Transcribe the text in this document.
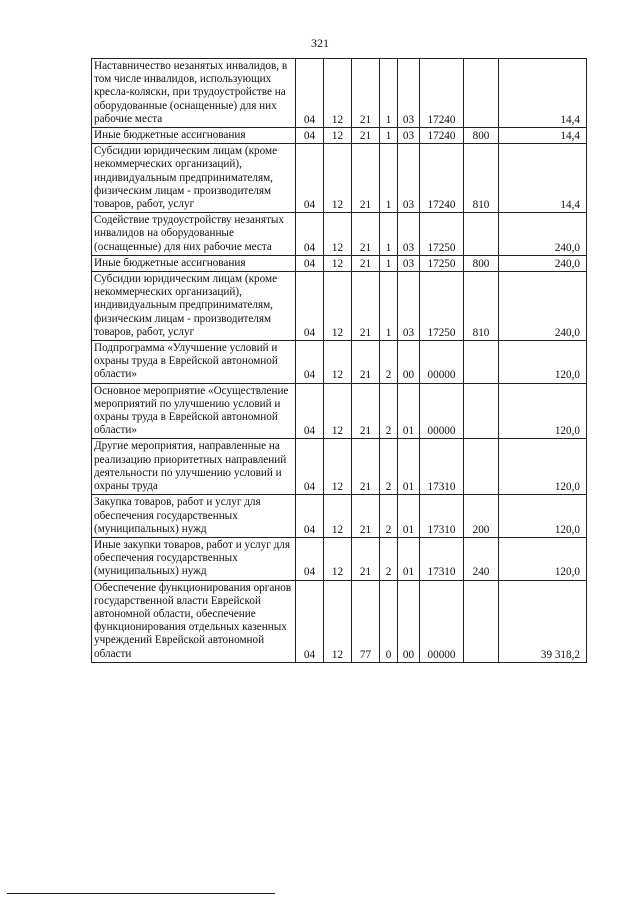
321
Наставничество незанятых инвалидов, в том числе инвалидов, использующих кресла-коляски, при трудоустройстве на оборудованные (оснащенные) для них рабочие места	04	12	21	1	03	17240		14,4
Иные бюджетные ассигнования	04	12	21	1	03	17240	800	14,4
Субсидии юридическим лицам (кроме некоммерческих организаций), индивидуальным предпринимателям, физическим лицам - производителям товаров, работ, услуг	04	12	21	1	03	17240	810	14,4
Содействие трудоустройству незанятых инвалидов на оборудованные (оснащенные) для них рабочие места	04	12	21	1	03	17250		240,0
Иные бюджетные ассигнования	04	12	21	1	03	17250	800	240,0
Субсидии юридическим лицам (кроме некоммерческих организаций), индивидуальным предпринимателям, физическим лицам - производителям товаров, работ, услуг	04	12	21	1	03	17250	810	240,0
Подпрограмма «Улучшение условий и охраны труда в Еврейской автономной области»	04	12	21	2	00	00000		120,0
Основное мероприятие «Осуществление мероприятий по улучшению условий и охраны труда в Еврейской автономной области»	04	12	21	2	01	00000		120,0
Другие мероприятия, направленные на реализацию приоритетных направлений деятельности по улучшению условий и охраны труда	04	12	21	2	01	17310		120,0
Закупка товаров, работ и услуг для обеспечения государственных (муниципальных) нужд	04	12	21	2	01	17310	200	120,0
Иные закупки товаров, работ и услуг для обеспечения государственных (муниципальных) нужд	04	12	21	2	01	17310	240	120,0
Обеспечение функционирования органов государственной власти Еврейской автономной области, обеспечение функционирования отдельных казенных учреждений Еврейской автономной области	04	12	77	0	00	00000		39 318,2
